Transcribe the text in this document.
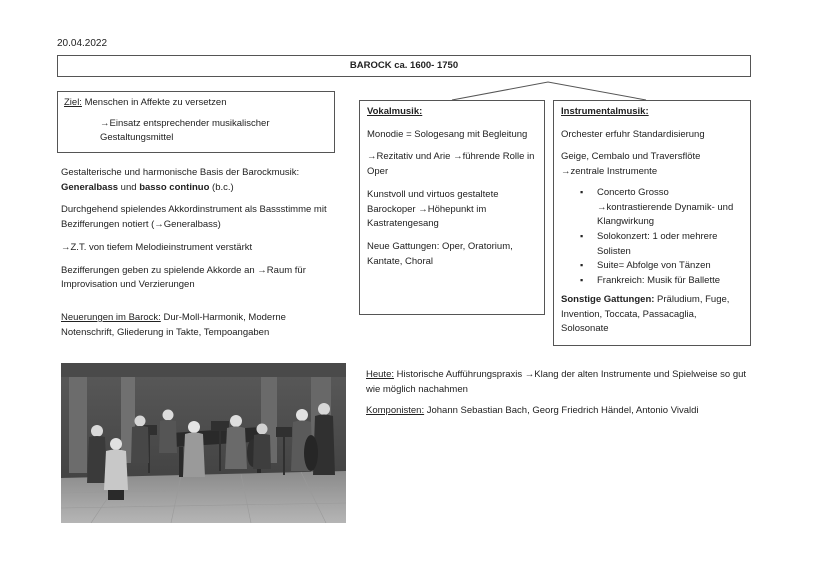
20.04.2022
BAROCK ca. 1600- 1750

Ziel: Menschen in Affekte zu versetzen

→Einsatz entsprechender musikalischer Gestaltungsmittel

Gestalterische und harmonische Basis der Barockmusik:
Generalbass und basso continuo (b.c.)

Durchgehend spielendes Akkordinstrument als Bassstimme mit Bezifferungen notiert (→Generalbass)

→Z.T. von tiefem Melodieinstrument verstärkt

Bezifferungen geben zu spielende Akkorde an →Raum für Improvisation und Verzierungen

Neuerungen im Barock: Dur-Moll-Harmonik, Moderne Notenschrift, Gliederung in Takte, Tempoangaben

Vokalmusik:

Monodie = Sologesang mit Begleitung

→Rezitativ und Arie →führende Rolle in Oper

Kunstvoll und virtuos gestaltete Barockoper →Höhepunkt im Kastratengesang

Neue Gattungen: Oper, Oratorium, Kantate, Choral

Instrumentalmusik:

Orchester erfuhr Standardisierung

Geige, Cembalo und Traversflöte
→zentrale Instrumente

▪ Concerto Grosso
→kontrastierende Dynamik- und Klangwirkung
▪ Solokonzert: 1 oder mehrere Solisten
▪ Suite= Abfolge von Tänzen
▪ Frankreich: Musik für Ballette

Sonstige Gattungen: Präludium, Fuge, Invention, Toccata, Passacaglia, Solosonate

Heute: Historische Aufführungspraxis →Klang der alten Instrumente und Spielweise so gut wie möglich nachahmen

Komponisten: Johann Sebastian Bach, Georg Friedrich Händel, Antonio Vivaldi
